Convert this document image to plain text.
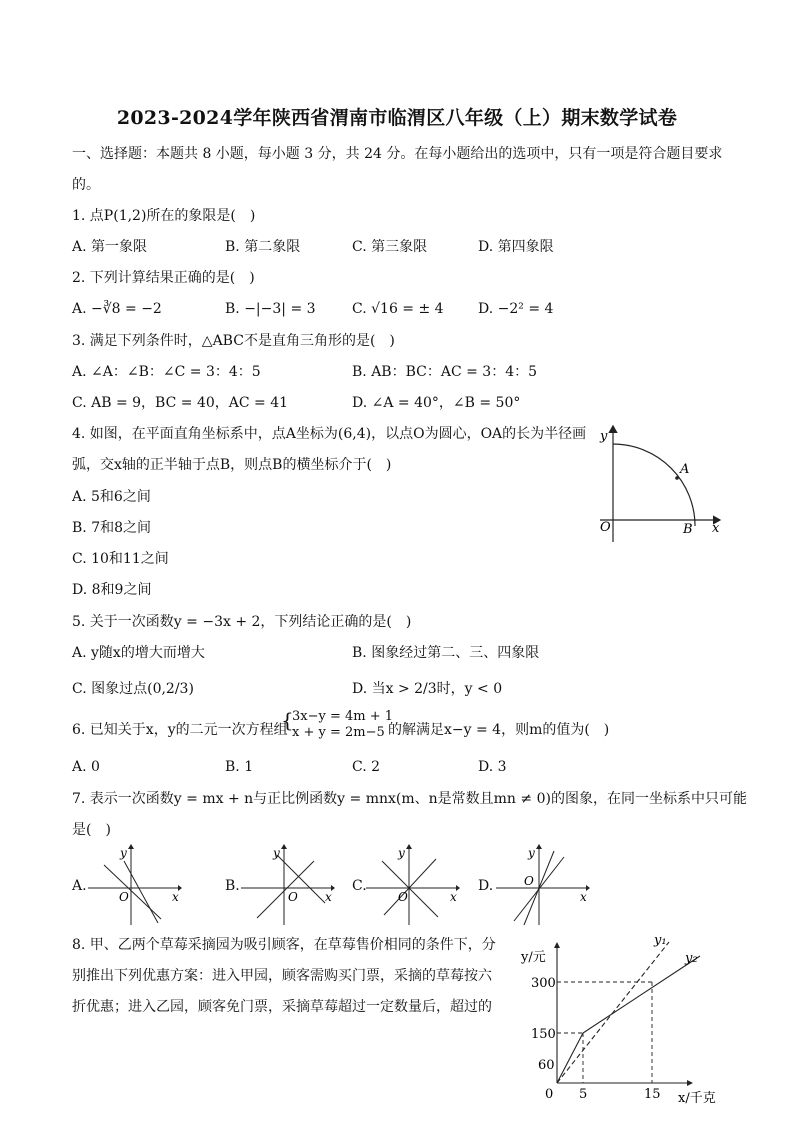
2023-2024学年陕西省渭南市临渭区八年级（上）期末数学试卷
一、选择题：本题共 8 小题，每小题 3 分，共 24 分。在每小题给出的选项中，只有一项是符合题目要求
的。
1. 点P(1,2)所在的象限是(　)
A. 第一象限	B. 第二象限	C. 第三象限	D. 第四象限
2. 下列计算结果正确的是(　)
A. −∛8 = −2	B. −|−3| = 3	C. √16 = ± 4 D. −2² = 4
3. 满足下列条件时，△ABC不是直角三角形的是(　)
A. ∠A：∠B：∠C = 3：4：5	B. AB：BC：AC = 3：4：5
C. AB = 9，BC = 40，AC = 41	D. ∠A = 40°，∠B = 50°
4. 如图，在平面直角坐标系中，点A坐标为(6,4)，以点O为圆心，OA的长为半径画
弧，交x轴的正半轴于点B，则点B的横坐标介于(　)
A. 5和6之间
B. 7和8之间
C. 10和11之间
D. 8和9之间
y
x
O
A
B
5. 关于一次函数y = −3x + 2，下列结论正确的是(　)
A. y随x的增大而增大	B. 图象经过第二、三、四象限
C. 图象过点(0,2/3)	D. 当x > 2/3时，y < 0
6. 已知关于x，y的二元一次方程组
{
3x−y = 4m + 1
x + y = 2m−5 的解满足x−y = 4，则m的值为(　)
A. 0	B. 1	C. 2	D. 3
7. 表示一次函数y = mx + n与正比例函数y = mnx(m、n是常数且mn ≠ 0)的图象，在同一坐标系中只可能
是(　)
A.
y
x
O
B.
y
x
O
C.
y
x
O
D.
y
x
O
8. 甲、乙两个草莓采摘园为吸引顾客，在草莓售价相同的条件下，分
别推出下列优惠方案：进入甲园，顾客需购买门票，采摘的草莓按六
折优惠；进入乙园，顾客免门票，采摘草莓超过一定数量后，超过的
y/元
x/千克
y₁
y₂
300
150
60
0 5	15
